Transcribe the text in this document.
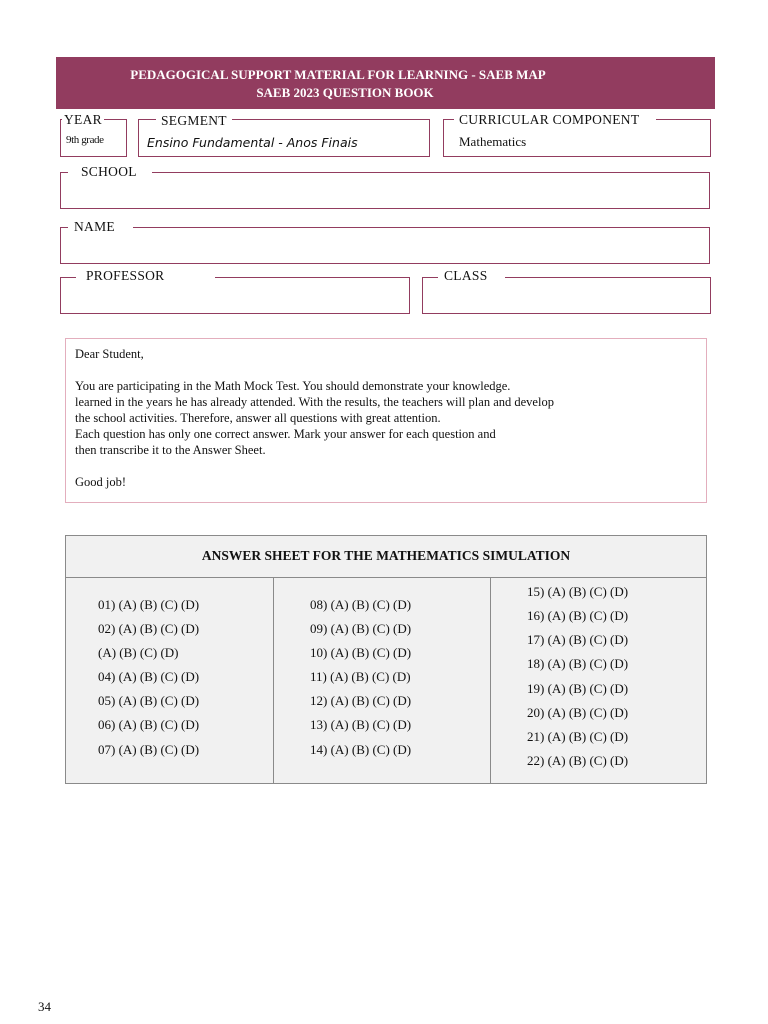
PEDAGOGICAL SUPPORT MATERIAL FOR LEARNING - SAEB MAP
SAEB 2023 QUESTION BOOK
YEAR
9th grade
SEGMENT
Ensino Fundamental - Anos Finais
CURRICULAR COMPONENT
Mathematics
SCHOOL
NAME
PROFESSOR	CLASS

Dear Student,

You are participating in the Math Mock Test. You should demonstrate your knowledge.

learned in the years he has already attended. With the results, the teachers will plan and develop

the school activities. Therefore, answer all questions with great attention.

Each question has only one correct answer. Mark your answer for each question and

then transcribe it to the Answer Sheet.

Good job!

ANSWER SHEET FOR THE MATHEMATICS SIMULATION
01) (A) (B) (C) (D)
02) (A) (B) (C) (D)
(A) (B) (C) (D)
04) (A) (B) (C) (D)
05) (A) (B) (C) (D)
06) (A) (B) (C) (D)
07) (A) (B) (C) (D)
08) (A) (B) (C) (D)
09) (A) (B) (C) (D)
10) (A) (B) (C) (D)
11) (A) (B) (C) (D)
12) (A) (B) (C) (D)
13) (A) (B) (C) (D)
14) (A) (B) (C) (D)
15) (A) (B) (C) (D)
16) (A) (B) (C) (D)
17) (A) (B) (C) (D)
18) (A) (B) (C) (D)
19) (A) (B) (C) (D)
20) (A) (B) (C) (D)
21) (A) (B) (C) (D)
22) (A) (B) (C) (D)
34
